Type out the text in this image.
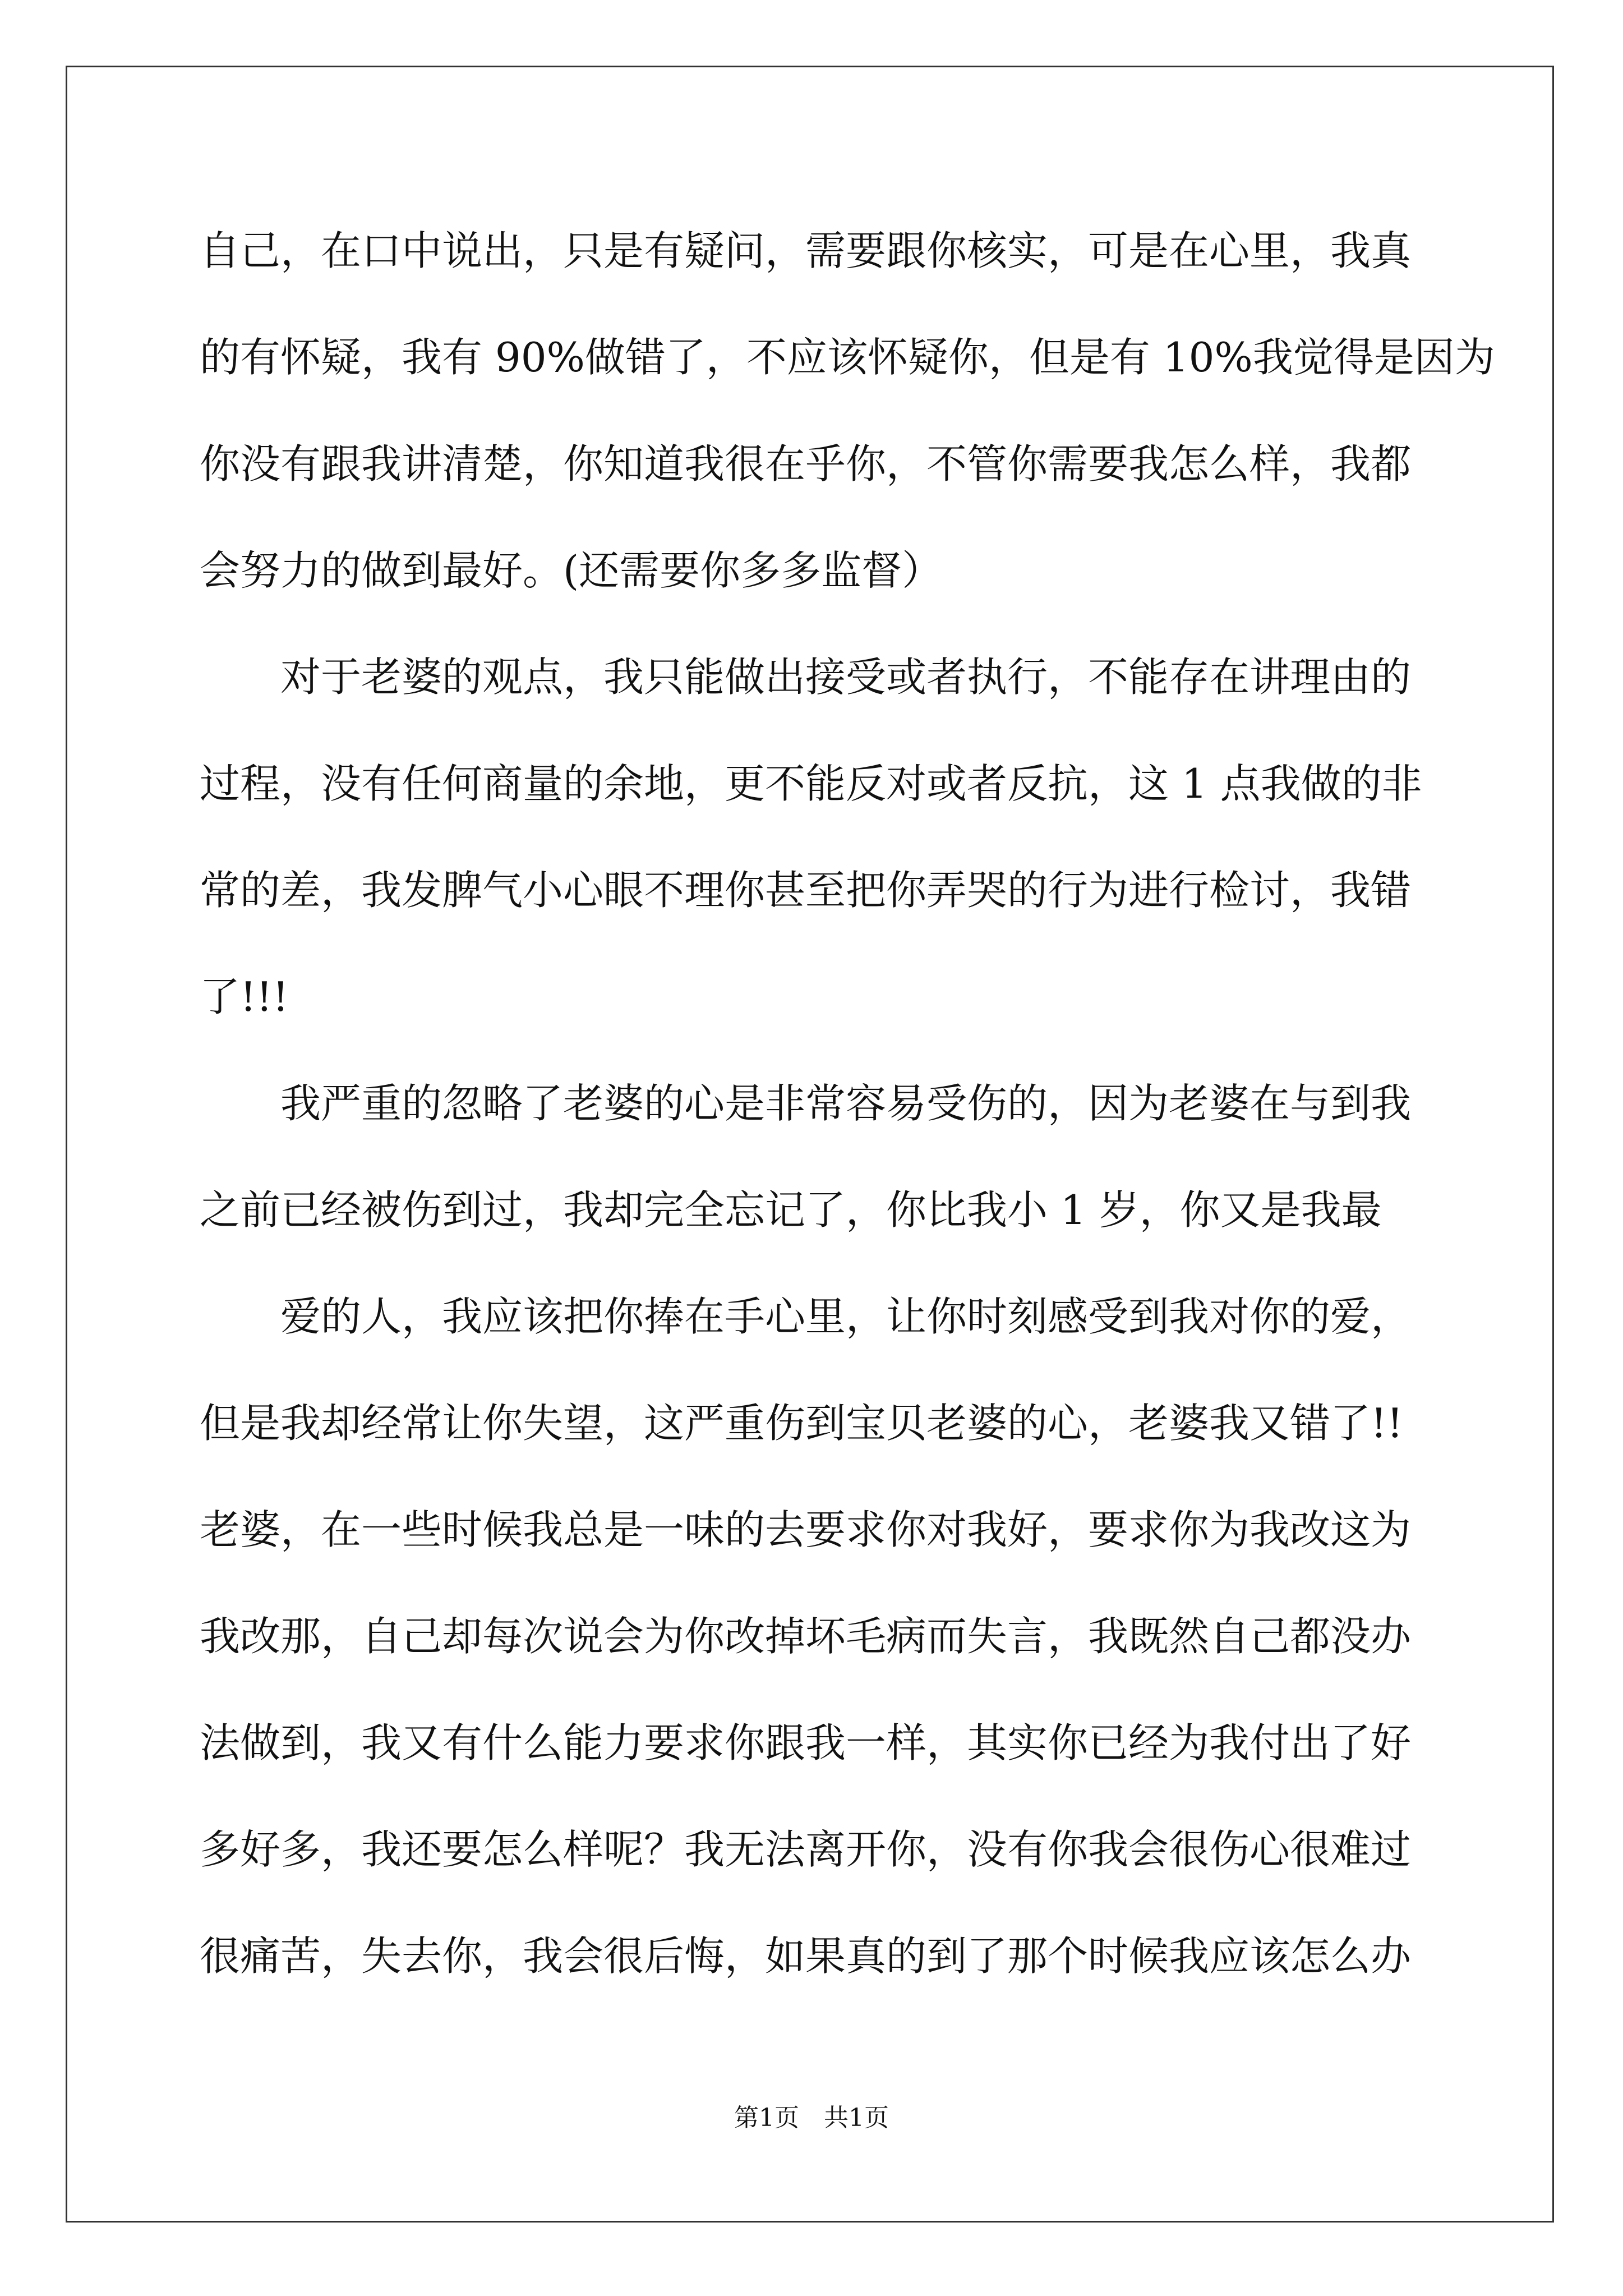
自己，在口中说出，只是有疑问，需要跟你核实，可是在心里，我真

的有怀疑，我有 90%做错了，不应该怀疑你，但是有 10%我觉得是因为

你没有跟我讲清楚，你知道我很在乎你，不管你需要我怎么样，我都

会努力的做到最好。(还需要你多多监督）

对于老婆的观点，我只能做出接受或者执行，不能存在讲理由的

过程，没有任何商量的余地，更不能反对或者反抗，这 1 点我做的非

常的差，我发脾气小心眼不理你甚至把你弄哭的行为进行检讨，我错

了!!!

我严重的忽略了老婆的心是非常容易受伤的，因为老婆在与到我

之前已经被伤到过，我却完全忘记了，你比我小 1 岁，你又是我最

爱的人，我应该把你捧在手心里，让你时刻感受到我对你的爱，

但是我却经常让你失望，这严重伤到宝贝老婆的心，老婆我又错了!!

老婆，在一些时候我总是一味的去要求你对我好，要求你为我改这为

我改那，自己却每次说会为你改掉坏毛病而失言，我既然自己都没办

法做到，我又有什么能力要求你跟我一样，其实你已经为我付出了好

多好多，我还要怎么样呢？我无法离开你，没有你我会很伤心很难过

很痛苦，失去你，我会很后悔，如果真的到了那个时候我应该怎么办

第1页　共1页
